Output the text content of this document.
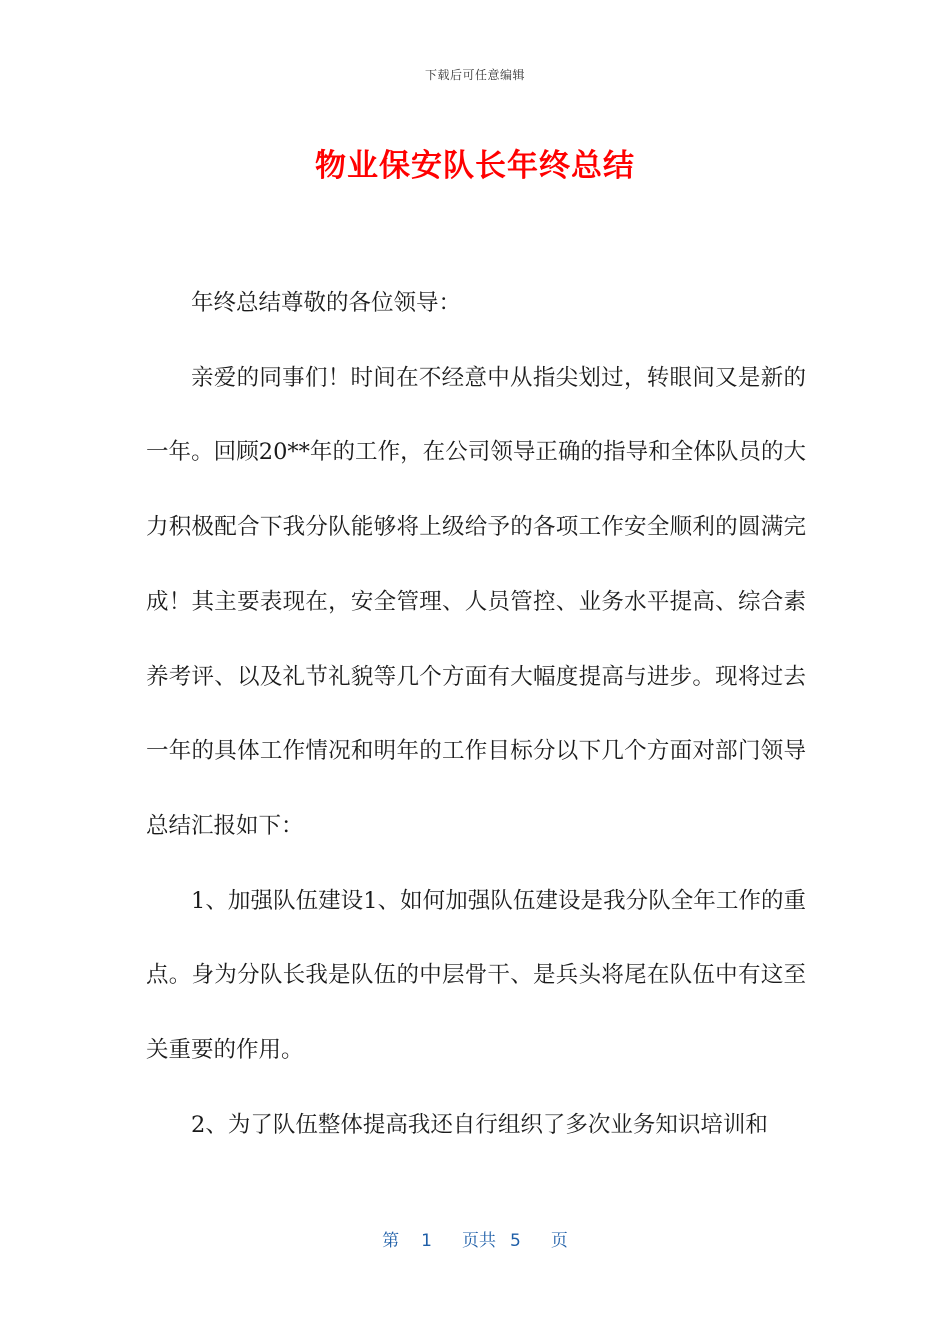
下载后可任意编辑
物业保安队长年终总结

年终总结尊敬的各位领导：

亲爱的同事们！时间在不经意中从指尖划过，转眼间又是新的一年。回顾20**年的工作，在公司领导正确的指导和全体队员的大力积极配合下我分队能够将上级给予的各项工作安全顺利的圆满完成！其主要表现在，安全管理、人员管控、业务水平提高、综合素养考评、以及礼节礼貌等几个方面有大幅度提高与进步。现将过去一年的具体工作情况和明年的工作目标分以下几个方面对部门领导总结汇报如下：

1、加强队伍建设1、如何加强队伍建设是我分队全年工作的重点。身为分队长我是队伍的中层骨干、是兵头将尾在队伍中有这至关重要的作用。

2、为了队伍整体提高我还自行组织了多次业务知识培训和

第 1 页共 5 页
